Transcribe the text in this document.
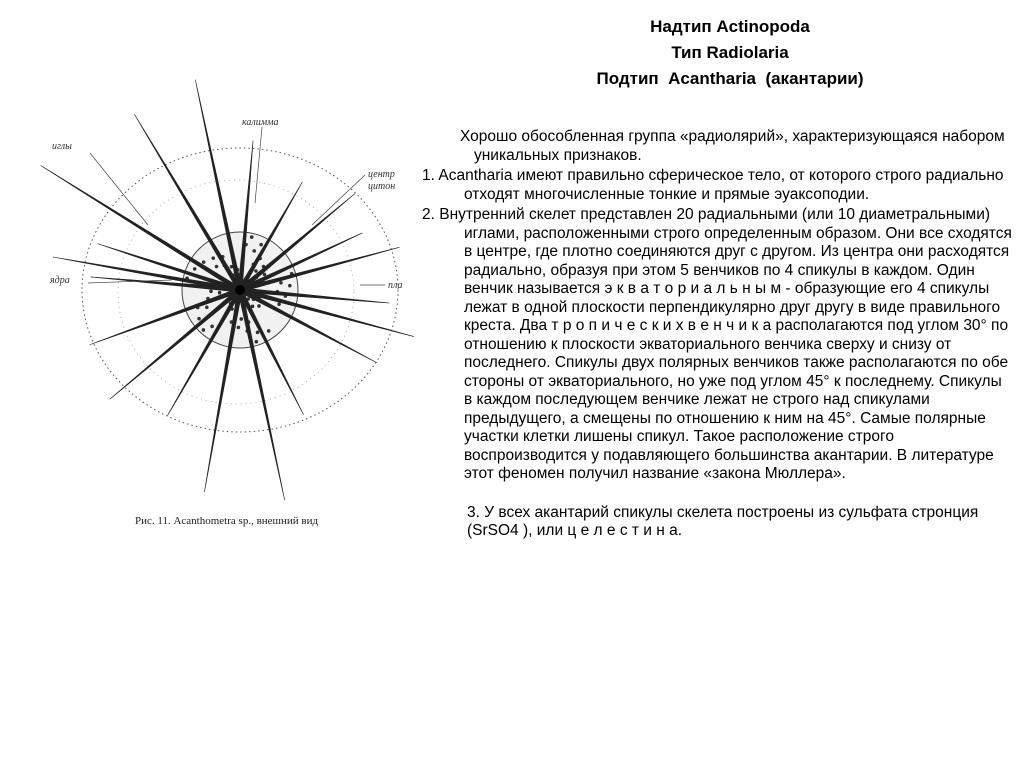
Надтип Actinopoda
Тип Radiolaria
Подтип  Acantharia  (акантарии)
иглы
калимма
центр
цитон
ядра	пла
Рис. 11. Acanthometra sp., внешний вид
Хорошо обособленная группа «радиолярий», характеризующаяся набором уникальных признаков.
1. Acantharia имеют правильно сферическое тело, от которого строго радиально отходят многочисленные тонкие и прямые эуаксоподии.
2. Внутренний скелет представлен 20 радиальными (или 10 диаметральными) иглами, расположенными строго определенным образом. Они все сходятся в центре, где плотно соединяются друг с другом. Из центра они расходятся радиально, образуя при этом 5 венчиков по 4 спикулы в каждом. Один венчик называется э к в а т о р и а л ь н ы м - образующие его 4 спикулы лежат в одной плоскости перпендикулярно друг другу в виде правильного креста. Два т р о п и ч е с к и х в е н ч и к а располагаются под углом 30° по отношению к плоскости экваториального венчика сверху и снизу от последнего. Спикулы двух полярных венчиков также располагаются по обе стороны от экваториального, но уже под углом 45° к последнему. Спикулы в каждом последующем венчике лежат не строго над спикулами предыдущего, а смещены по отношению к ним на 45°. Самые полярные участки клетки лишены спикул. Такое расположение строго воспроизводится у подавляющего большинства акантарии. В литературе этот феномен получил название «закона Мюллера».
3. У всех акантарий спикулы скелета построены из сульфата стронция (SrSO4 ), или ц е л е с т и н а.
